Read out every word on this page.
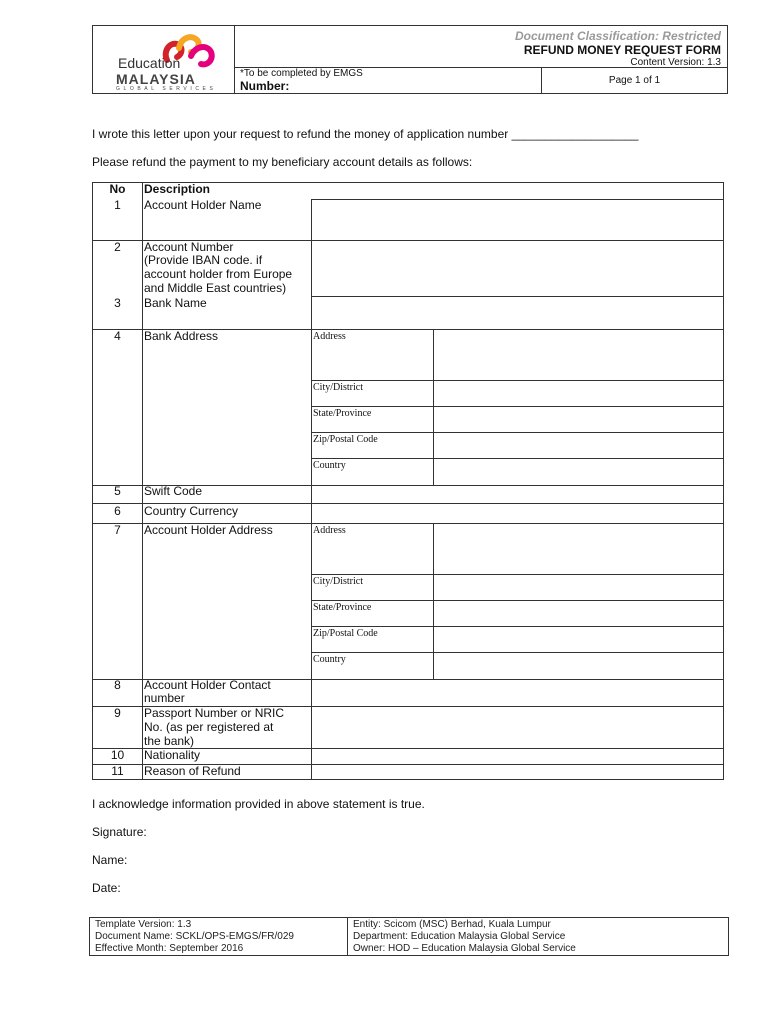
Education
MALAYSIA
GLOBAL SERVICES
Document Classification: Restricted
REFUND MONEY REQUEST FORM
Content Version: 1.3
*To be completed by EMGS
Number:	Page 1 of 1
I wrote this letter upon your request to refund the money of application number ___________________
Please refund the payment to my beneficiary account details as follows:
No	Description
1	Account Holder Name
2	Account Number
(Provide IBAN code. if
account holder from Europe
and Middle East countries)
3	Bank Name
4	Bank Address	Address
City/District
State/Province
Zip/Postal Code
Country
5	Swift Code
6	Country Currency
7	Account Holder Address	Address
City/District
State/Province
Zip/Postal Code
Country
8	Account Holder Contact
number
9	Passport Number or NRIC
No. (as per registered at
the bank)
10	Nationality
11	Reason of Refund
I acknowledge information provided in above statement is true.
Signature:
Name:
Date:
Template Version: 1.3
Document Name: SCKL/OPS-EMGS/FR/029
Effective Month: September 2016
Entity: Scicom (MSC) Berhad, Kuala Lumpur
Department: Education Malaysia Global Service
Owner: HOD – Education Malaysia Global Service
